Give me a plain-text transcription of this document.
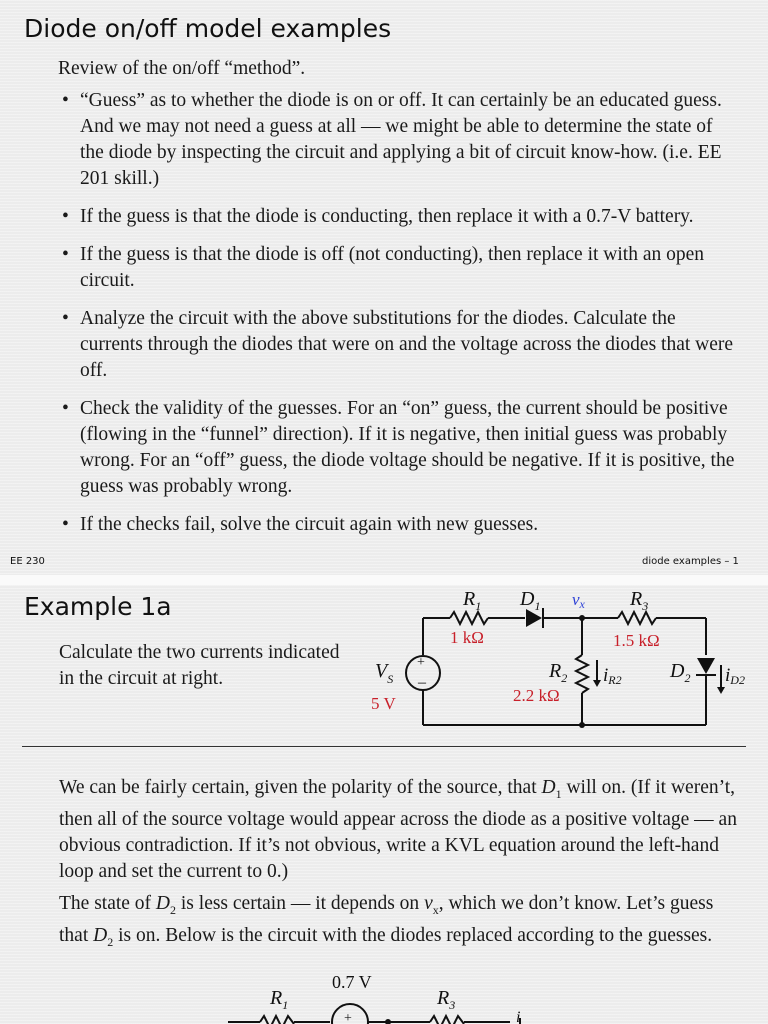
Diode on/off model examples
Review of the on/off “method”.
• “Guess” as to whether the diode is on or off. It can certainly be an educated guess. And we may not need a guess at all — we might be able to determine the state of the diode by inspecting the circuit and applying a bit of circuit know-how. (i.e. EE 201 skill.)
• If the guess is that the diode is conducting, then replace it with a 0.7-V battery.
• If the guess is that the diode is off (not conducting), then replace it with an open circuit.
• Analyze the circuit with the above substitutions for the diodes. Calculate the currents through the diodes that were on and the voltage across the diodes that were off.
• Check the validity of the guesses. For an “on” guess, the current should be positive (flowing in the “funnel” direction). If it is negative, then initial guess was probably wrong. For an “off” guess, the diode voltage should be negative. If it is positive, the guess was probably wrong.
• If the checks fail, solve the circuit again with new guesses.
EE 230	diode examples – 1
Example 1a
Calculate the two currents indicated in the circuit at right.
$R_1$
1 kΩ
$D_1$ vx $R_3$
1.5 kΩ
$V_S$
5 V
+
–
$R_2$
2.2 kΩ
iR2 $D_2$ iD2
We can be fairly certain, given the polarity of the source, that $D_1$ will on. (If it weren’t, then all of the source voltage would appear across the diode as a positive voltage — an obvious contradiction. If it’s not obvious, write a KVL equation around the left-hand loop and set the current to 0.)
The state of $D_2$ is less certain — it depends on $v_x$, which we don’t know. Let’s guess that $D_2$ is on. Below is the circuit with the diodes replaced according to the guesses.
0.7 V
$R_1$	$R_3$
+	i
